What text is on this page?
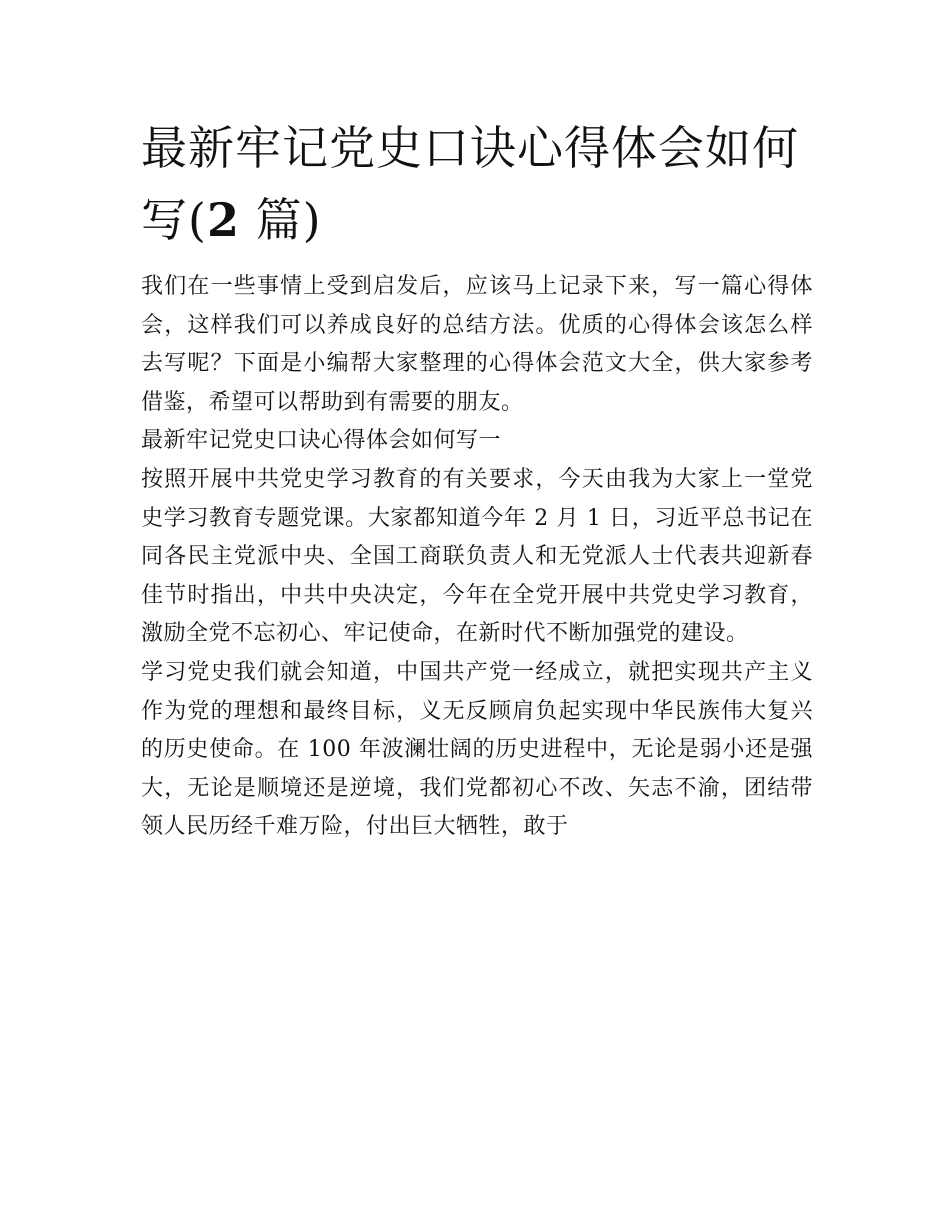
最新牢记党史口诀心得体会如何写(2 篇)

我们在一些事情上受到启发后，应该马上记录下来，写一篇心得体会，这样我们可以养成良好的总结方法。优质的心得体会该怎么样去写呢？下面是小编帮大家整理的心得体会范文大全，供大家参考借鉴，希望可以帮助到有需要的朋友。

最新牢记党史口诀心得体会如何写一

按照开展中共党史学习教育的有关要求，今天由我为大家上一堂党史学习教育专题党课。大家都知道今年 2 月 1 日，习近平总书记在同各民主党派中央、全国工商联负责人和无党派人士代表共迎新春佳节时指出，中共中央决定，今年在全党开展中共党史学习教育，激励全党不忘初心、牢记使命，在新时代不断加强党的建设。

学习党史我们就会知道，中国共产党一经成立，就把实现共产主义作为党的理想和最终目标，义无反顾肩负起实现中华民族伟大复兴的历史使命。在 100 年波澜壮阔的历史进程中，无论是弱小还是强大，无论是顺境还是逆境，我们党都初心不改、矢志不渝，团结带领人民历经千难万险，付出巨大牺牲，敢于
